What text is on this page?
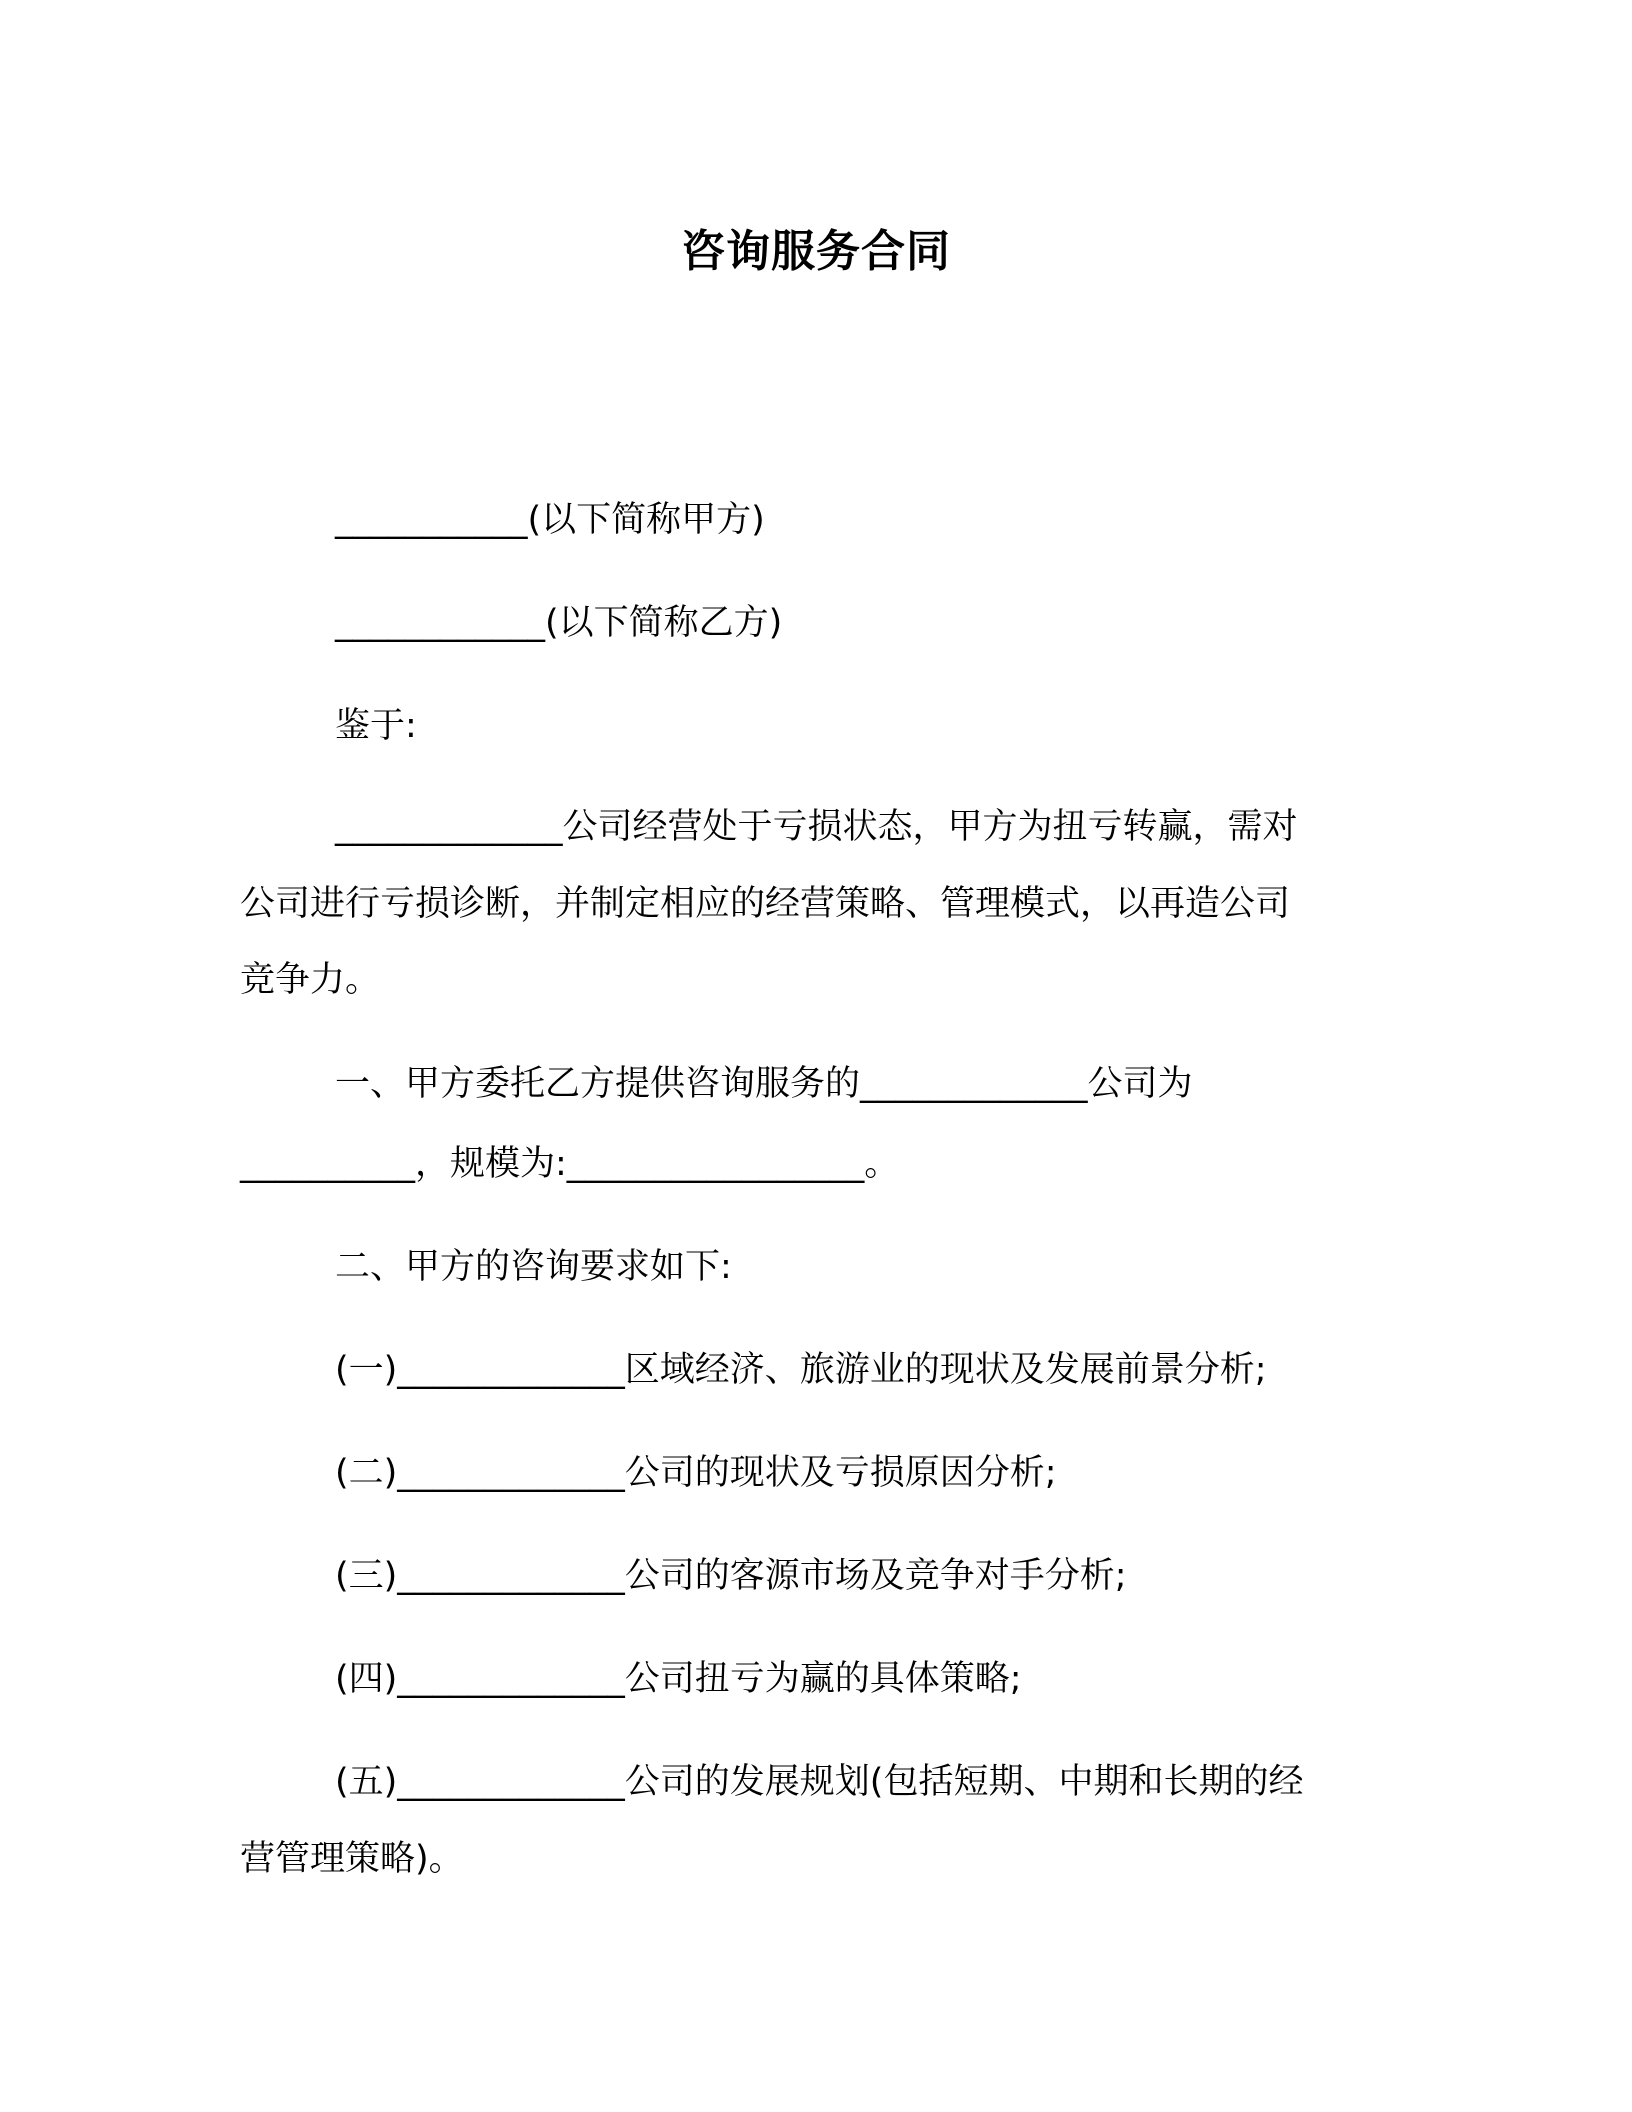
咨询服务合同
___________(以下简称甲方)
____________(以下简称乙方)
鉴于:
_____________公司经营处于亏损状态，甲方为扭亏转赢，需对
公司进行亏损诊断，并制定相应的经营策略、管理模式，以再造公司
竞争力。
一、甲方委托乙方提供咨询服务的_____________公司为
__________，规模为:_________________。
二、甲方的咨询要求如下:
(一)_____________区域经济、旅游业的现状及发展前景分析;
(二)_____________公司的现状及亏损原因分析;
(三)_____________公司的客源市场及竞争对手分析;
(四)_____________公司扭亏为赢的具体策略;
(五)_____________公司的发展规划(包括短期、中期和长期的经
营管理策略)。
